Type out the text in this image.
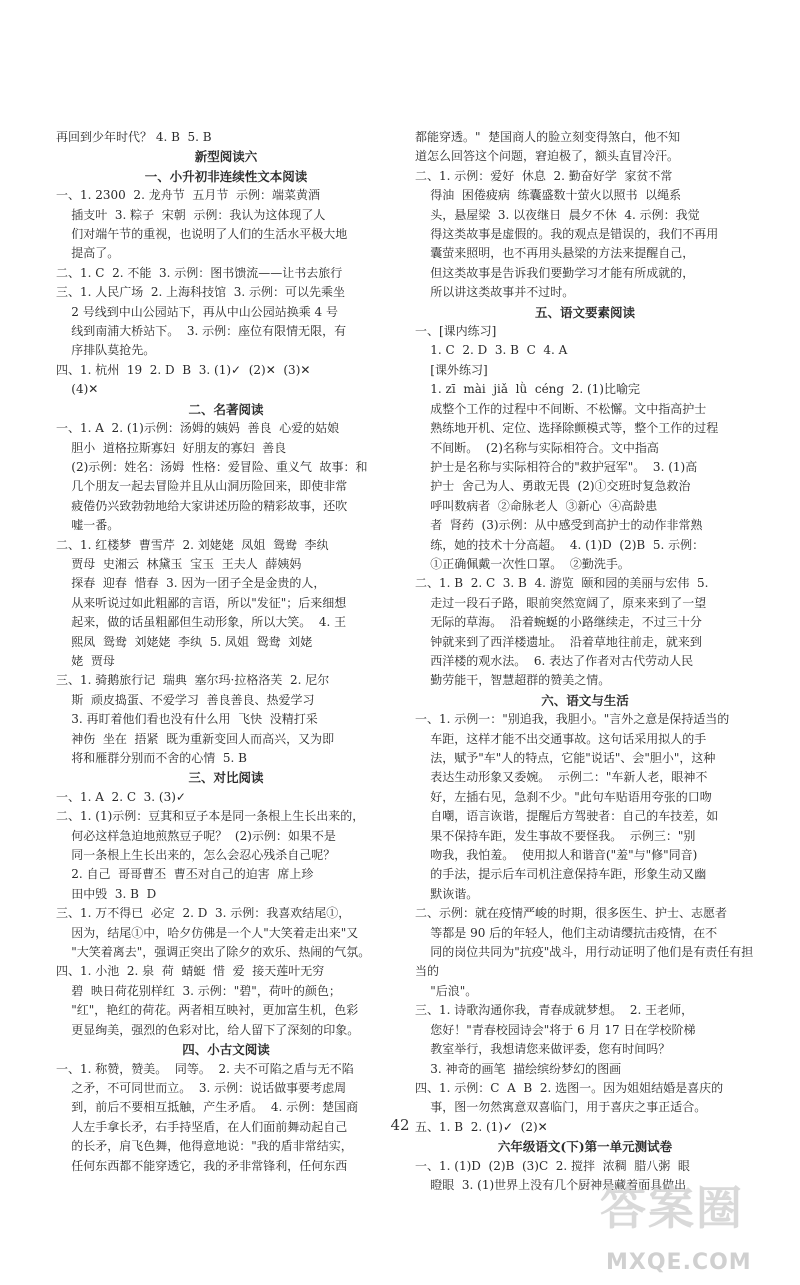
再回到少年时代？ 4. B  5. B

新型阅读六

一、小升初非连续性文本阅读

一、1. 2300  2. 龙舟节  五月节  示例：端菜黄酒

插支叶  3. 粽子  宋朝  示例：我认为这体现了人

们对端午节的重视，也说明了人们的生活水平极大地

提高了。

二、1. C  2. 不能  3. 示例：图书馈流——让书去旅行

三、1. 人民广场  2. 上海科技馆  3. 示例：可以先乘坐

2 号线到中山公园站下，再从中山公园站换乘 4 号

线到南浦大桥站下。  3. 示例：座位有限情无限，有

序排队莫抢先。

四、1. 杭州  19  2. D  B  3. (1)✓  (2)✕  (3)✕

(4)✕

二、名著阅读

一、1. A  2. (1)示例：汤姆的姨妈  善良  心爱的姑娘

胆小  道格拉斯寡妇  好朋友的寡妇  善良

(2)示例：姓名：汤姆  性格：爱冒险、重义气  故事：和

几个朋友一起去冒险并且从山洞历险回来，即使非常

疲倦仍兴致勃勃地给大家讲述历险的精彩故事，还吹

嘘一番。

二、1. 红楼梦  曹雪芹  2. 刘姥姥  凤姐  鸳鸯  李纨

贾母  史湘云  林黛玉  宝玉  王夫人  薛姨妈

探春  迎春  惜春  3. 因为一团子全是金贵的人，

从来听说过如此粗鄙的言语，所以"发征"；后来细想

起来，做的话虽粗鄙但生动形象，所以大笑。  4. 王

熙凤  鸳鸯  刘姥姥  李纨  5. 凤姐  鸳鸯  刘姥

姥  贾母

三、1. 骑鹅旅行记  瑞典  塞尔玛·拉格洛芙  2. 尼尔

斯  顽皮捣蛋、不爱学习  善良善良、热爱学习

3. 再盯着他们看也没有什么用  飞快  没精打采

神伤  坐在  捂紧  既为重新变回人而高兴，又为即

将和雁群分别而不舍的心情  5. B

三、对比阅读

一、1. A  2. C  3. (3)✓

二、1. (1)示例：豆萁和豆子本是同一条根上生长出来的，

何必这样急迫地煎熬豆子呢？  (2)示例：如果不是

同一条根上生长出来的，怎么会忍心残杀自己呢？

2. 自己  哥哥曹丕  曹丕对自己的迫害  席上珍

田中毁  3. B  D

三、1. 万不得已  必定  2. D  3. 示例：我喜欢结尾①，

因为，结尾①中，哈夕仿佛是一个人"大笑着走出来"又

"大笑着离去"，强调正突出了除夕的欢乐、热闹的气氛。

四、1. 小池  2. 泉  荷  蜻蜓  惜  爱  接天莲叶无穷

碧  映日荷花别样红  3. 示例："碧"，荷叶的颜色；

"红"，艳红的荷花。两者相互映衬，更加富生机，色彩

更显绚美，强烈的色彩对比，给人留下了深刻的印象。

四、小古文阅读

一、1. 称赞，赞美。  同等。  2. 夫不可陷之盾与无不陷

之矛，不可同世而立。  3. 示例：说话做事要考虑周

到，前后不要相互抵触，产生矛盾。  4. 示例：楚国商

人左手拿长矛，右手持坚盾，在人们面前舞动起自己

的长矛，肩飞色舞，他得意地说："我的盾非常结实，

任何东西都不能穿透它，我的矛非常锋利，任何东西

都能穿透。"  楚国商人的脸立刻变得煞白，他不知

道怎么回答这个问题，窘迫极了，额头直冒冷汗。

二、1. 示例：爱好  休息  2. 勤奋好学  家贫不常

得油  困倦疲病  练囊盛数十萤火以照书  以绳系

头，悬屋梁  3. 以夜继日  晨夕不休  4. 示例：我觉

得这类故事是虚假的。我的观点是错误的，我们不再用

囊萤来照明，也不再用头悬梁的方法来提醒自己，

但这类故事是告诉我们要勤学习才能有所成就的，

所以讲这类故事并不过时。

五、语文要素阅读

一、[课内练习]

1. C  2. D  3. B  C  4. A

[课外练习]

1. zī  mài  jiǎ  lǜ  céng  2. (1)比喻完

成整个工作的过程中不间断、不松懈。文中指高护士

熟练地开机、定位、选择除颤模式等，整个工作的过程

不间断。  (2)名称与实际相符合。文中指高

护士是名称与实际相符合的"救护冠军"。  3. (1)高

护士  舍己为人、勇敢无畏  (2)①交班时复急救治

呼叫数病者  ②命脉老人  ③新心  ④高龄患

者  肾药  (3)示例：从中感受到高护士的动作非常熟

练，她的技术十分高超。  4. (1)D  (2)B  5. 示例：

①正确佩戴一次性口罩。  ②勤洗手。

二、1. B  2. C  3. B  4. 游览  颐和园的美丽与宏伟  5.

走过一段石子路，眼前突然宽阔了，原来来到了一望

无际的草海。  沿着蜿蜒的小路继续走，不过三十分

钟就来到了西洋楼遗址。  沿着草地往前走，就来到

西洋楼的观水法。  6. 表达了作者对古代劳动人民

勤劳能干，智慧超群的赞美之情。

六、语文与生活

一、1. 示例一："别追我，我胆小。"言外之意是保持适当的

车距，这样才能不出交通事故。这句话采用拟人的手

法，赋予"车"人的特点，它能"说话"、会"胆小"，这种

表达生动形象又委婉。  示例二："车新人老，眼神不

好，左插右见，急刹不少。"此句车贴语用夸张的口吻

自嘲，语言诙谐，提醒后方驾驶者：自己的车技差，如

果不保持车距，发生事故不要怪我。  示例三："别

吻我，我怕羞。  使用拟人和谐音("羞"与"修"同音)

的手法，提示后车司机注意保持车距，形象生动又幽

默诙谐。

二、示例：就在疫情严峻的时期，很多医生、护士、志愿者

等都是 90 后的年轻人，他们主动请缨抗击疫情，在不

同的岗位共同为"抗疫"战斗，用行动证明了他们是有责任有担当的

"后浪"。

三、1. 诗歌沟通你我，青春成就梦想。  2. 王老师，

您好！"青春校园诗会"将于 6 月 17 日在学校阶梯

教室举行，我想请您来做评委，您有时间吗？

3. 神奇的画笔  描绘缤纷梦幻的图画

四、1. 示例：C  A  B  2. 选图一。因为姐姐结婚是喜庆的

事，图一勿然寓意双喜临门，用于喜庆之事正适合。

五、1. B  2. (1)✓  (2)✕

六年级语文(下)第一单元测试卷

一、1. (1)D  (2)B  (3)C  2. 搅拌  浓稠  腊八粥  眼

瞪眼  3. (1)世界上没有几个厨神是藏着面具做出

42
答案圈
MXQE.COM
